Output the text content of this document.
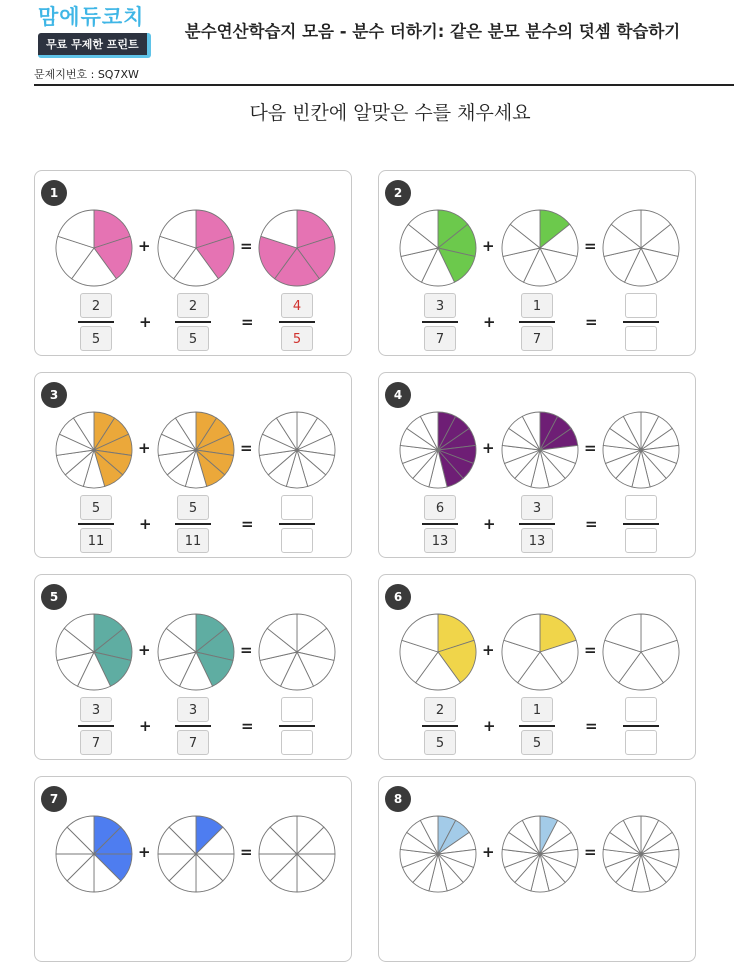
맘에듀코치
무료 무제한 프린트
분수연산학습지 모음 - 분수 더하기: 같은 분모 분수의 덧셈 학습하기
문제지번호 : SQ7XW
다음 빈칸에 알맞은 수를 채우세요
1
+	=
$\frac{2}{5}$	$\frac{2}{5}$	$\frac{4}{5}$
+	=
2
+	=
$\frac{3}{7}$	$\frac{1}{7}$
+	=
3
+	=
$\frac{5}{11}$	$\frac{5}{11}$
+	=
4
+	=
$\frac{6}{13}$	$\frac{3}{13}$
+	=
5
+	=
$\frac{3}{7}$	$\frac{3}{7}$
+	=
6
+	=
$\frac{2}{5}$	$\frac{1}{5}$
+	=
7
+	=
8
+	=
